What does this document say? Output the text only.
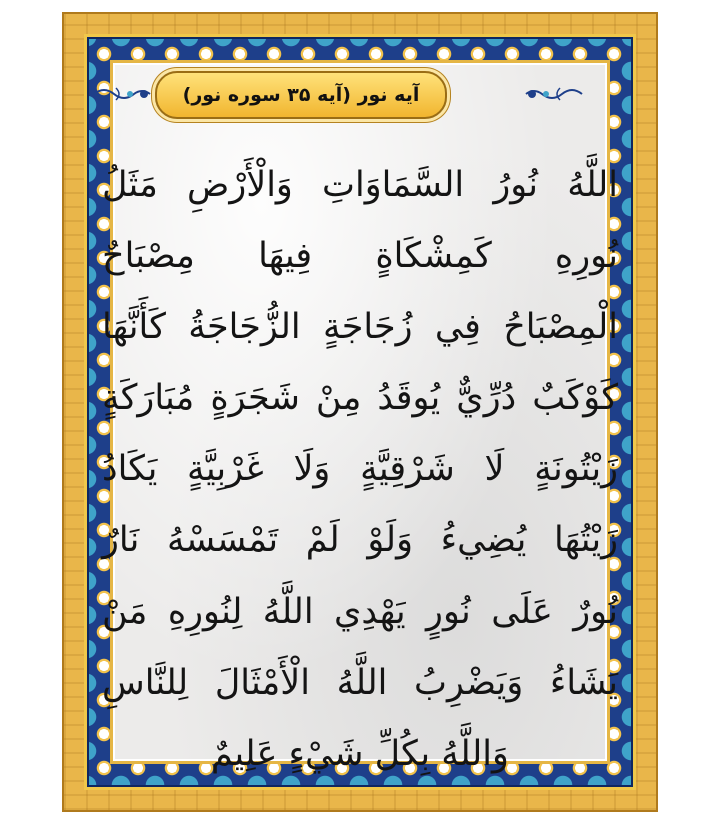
آیه نور (آیه ۳۵ سوره نور)
اللَّهُ نُورُ السَّمَاوَاتِ وَالْأَرْضِ مَثَلُ
نُورِهِ كَمِشْكَاةٍ فِيهَا مِصْبَاحٌ
الْمِصْبَاحُ فِي زُجَاجَةٍ الزُّجَاجَةُ كَأَنَّهَا
كَوْكَبٌ دُرِّيٌّ يُوقَدُ مِنْ شَجَرَةٍ مُبَارَكَةٍ
زَيْتُونَةٍ لَا شَرْقِيَّةٍ وَلَا غَرْبِيَّةٍ يَكَادُ
زَيْتُهَا يُضِيءُ وَلَوْ لَمْ تَمْسَسْهُ نَارٌ
نُورٌ عَلَى نُورٍ يَهْدِي اللَّهُ لِنُورِهِ مَنْ
يَشَاءُ وَيَضْرِبُ اللَّهُ الْأَمْثَالَ لِلنَّاسِ
وَاللَّهُ بِكُلِّ شَيْءٍ عَلِيمٌ
